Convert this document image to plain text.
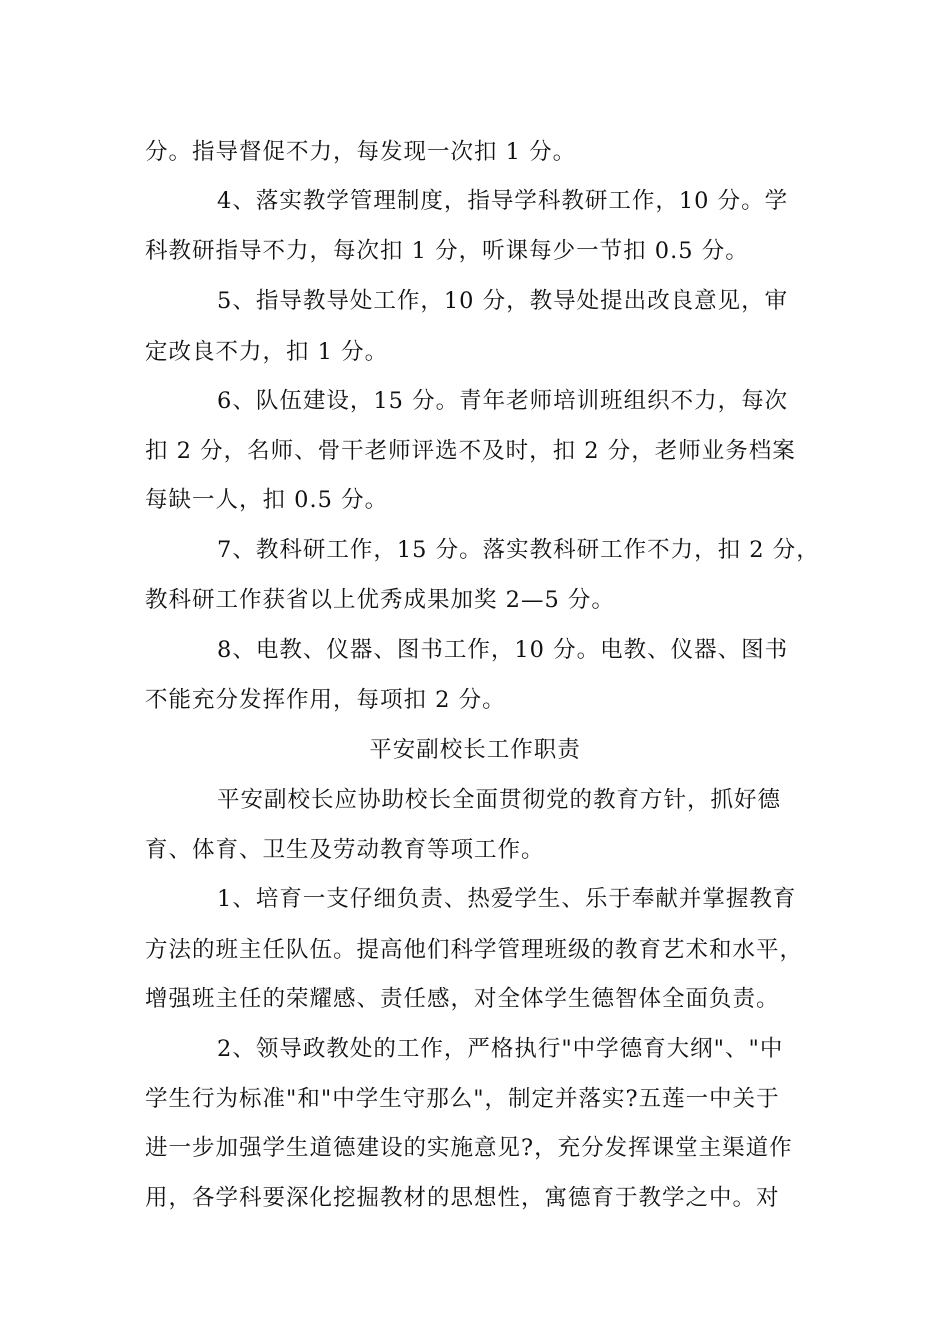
分。指导督促不力，每发现一次扣 1 分。
4、落实教学管理制度，指导学科教研工作，10 分。学
科教研指导不力，每次扣 1 分，听课每少一节扣 0.5 分。
5、指导教导处工作，10 分，教导处提出改良意见，审
定改良不力，扣 1 分。
6、队伍建设，15 分。青年老师培训班组织不力，每次
扣 2 分，名师、骨干老师评选不及时，扣 2 分，老师业务档案
每缺一人，扣 0.5 分。
7、教科研工作，15 分。落实教科研工作不力，扣 2 分，
教科研工作获省以上优秀成果加奖 2—5 分。
8、电教、仪器、图书工作，10 分。电教、仪器、图书
不能充分发挥作用，每项扣 2 分。
平安副校长工作职责
平安副校长应协助校长全面贯彻党的教育方针，抓好德
育、体育、卫生及劳动教育等项工作。
1、培育一支仔细负责、热爱学生、乐于奉献并掌握教育
方法的班主任队伍。提高他们科学管理班级的教育艺术和水平，
增强班主任的荣耀感、责任感，对全体学生德智体全面负责。
2、领导政教处的工作，严格执行"中学德育大纲"、"中
学生行为标准"和"中学生守那么"，制定并落实?五莲一中关于
进一步加强学生道德建设的实施意见?，充分发挥课堂主渠道作
用，各学科要深化挖掘教材的思想性，寓德育于教学之中。对
